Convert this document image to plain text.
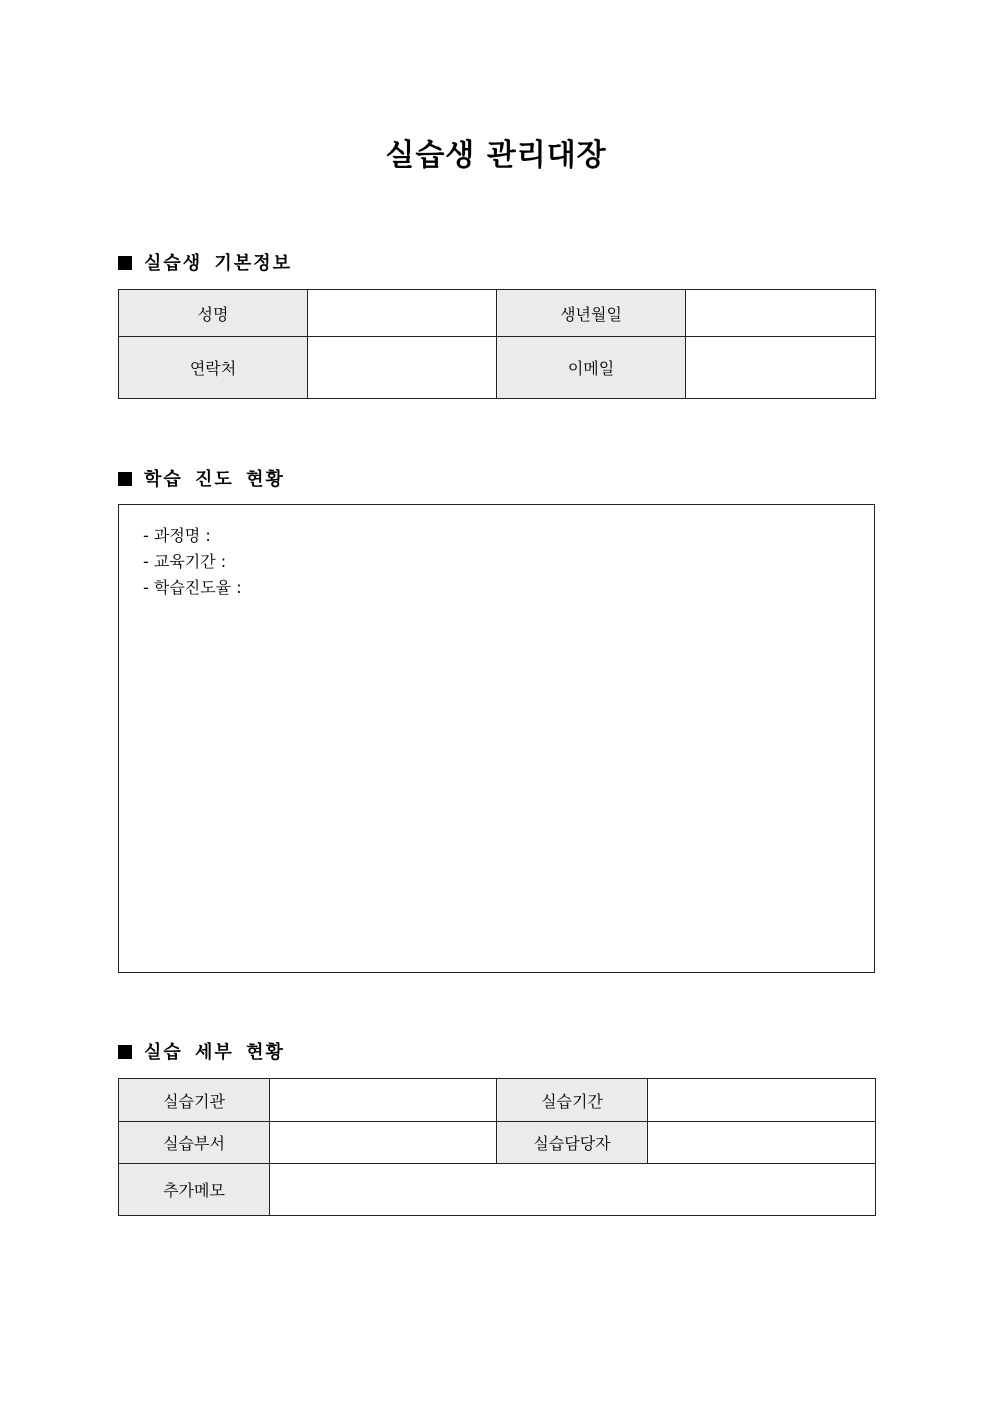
실습생 관리대장
실습생 기본정보
성명		생년월일	
연락처		이메일	
학습 진도 현황
- 과정명 :
- 교육기간 :
- 학습진도율 :
실습 세부 현황
실습기관		실습기간	
실습부서		실습담당자	
추가메모			
